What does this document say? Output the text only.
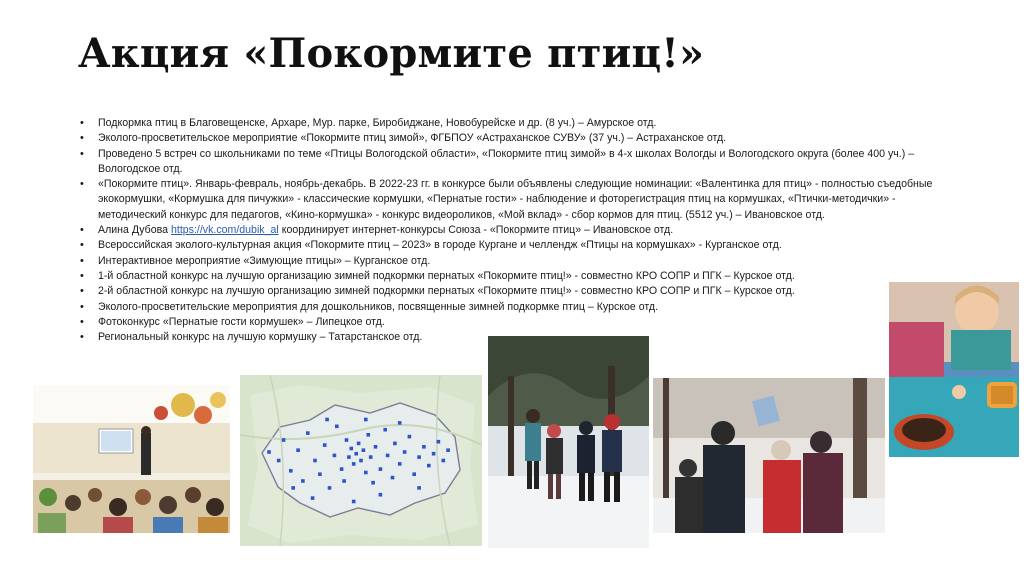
Акция «Покормите птиц!»
• Подкормка птиц в Благовещенске, Архаре, Мур. парке, Биробиджане, Новобурейске и др. (8 уч.) – Амурское отд.
• Эколого-просветительское мероприятие «Покормите птиц зимой», ФГБПОУ «Астраханское СУВУ» (37 уч.) – Астраханское отд.
• Проведено 5 встреч со школьниками по теме «Птицы Вологодской области», «Покормите птиц зимой» в 4-х школах Вологды и Вологодского округа (более 400 уч.) – Вологодское отд.
• «Покормите птиц». Январь-февраль, ноябрь-декабрь. В 2022-23 гг. в конкурсе были объявлены следующие номинации: «Валентинка для птиц» - полностью съедобные экокормушки, «Кормушка для пичужки» - классические кормушки, «Пернатые гости» - наблюдение и фоторегистрация птиц на кормушках, «Птички-методички» - методический конкурс для педагогов, «Кино-кормушка» - конкурс видеороликов, «Мой вклад» - сбор кормов для птиц. (5512 уч.) – Ивановское отд.
• Алина Дубова https://vk.com/dubik_al координирует интернет-конкурсы Союза - «Покормите птиц» – Ивановское отд.
• Всероссийская эколого-культурная акция «Покормите птиц – 2023» в городе Кургане и челлендж «Птицы на кормушках» - Курганское отд.
• Интерактивное мероприятие «Зимующие птицы» – Курганское отд.
• 1-й областной конкурс на лучшую организацию зимней подкормки пернатых «Покормите птиц!» - совместно КРО СОПР и ПГК – Курское отд.
• 2-й областной конкурс на лучшую организацию зимней подкормки пернатых «Покормите птиц!» - совместно КРО СОПР и ПГК – Курское отд.
• Эколого-просветительские мероприятия для дошкольников, посвященные зимней подкормке птиц – Курское отд.
• Фотоконкурс «Пернатые гости кормушек» – Липецкое отд.
• Региональный конкурс на лучшую кормушку – Татарстанское отд.
